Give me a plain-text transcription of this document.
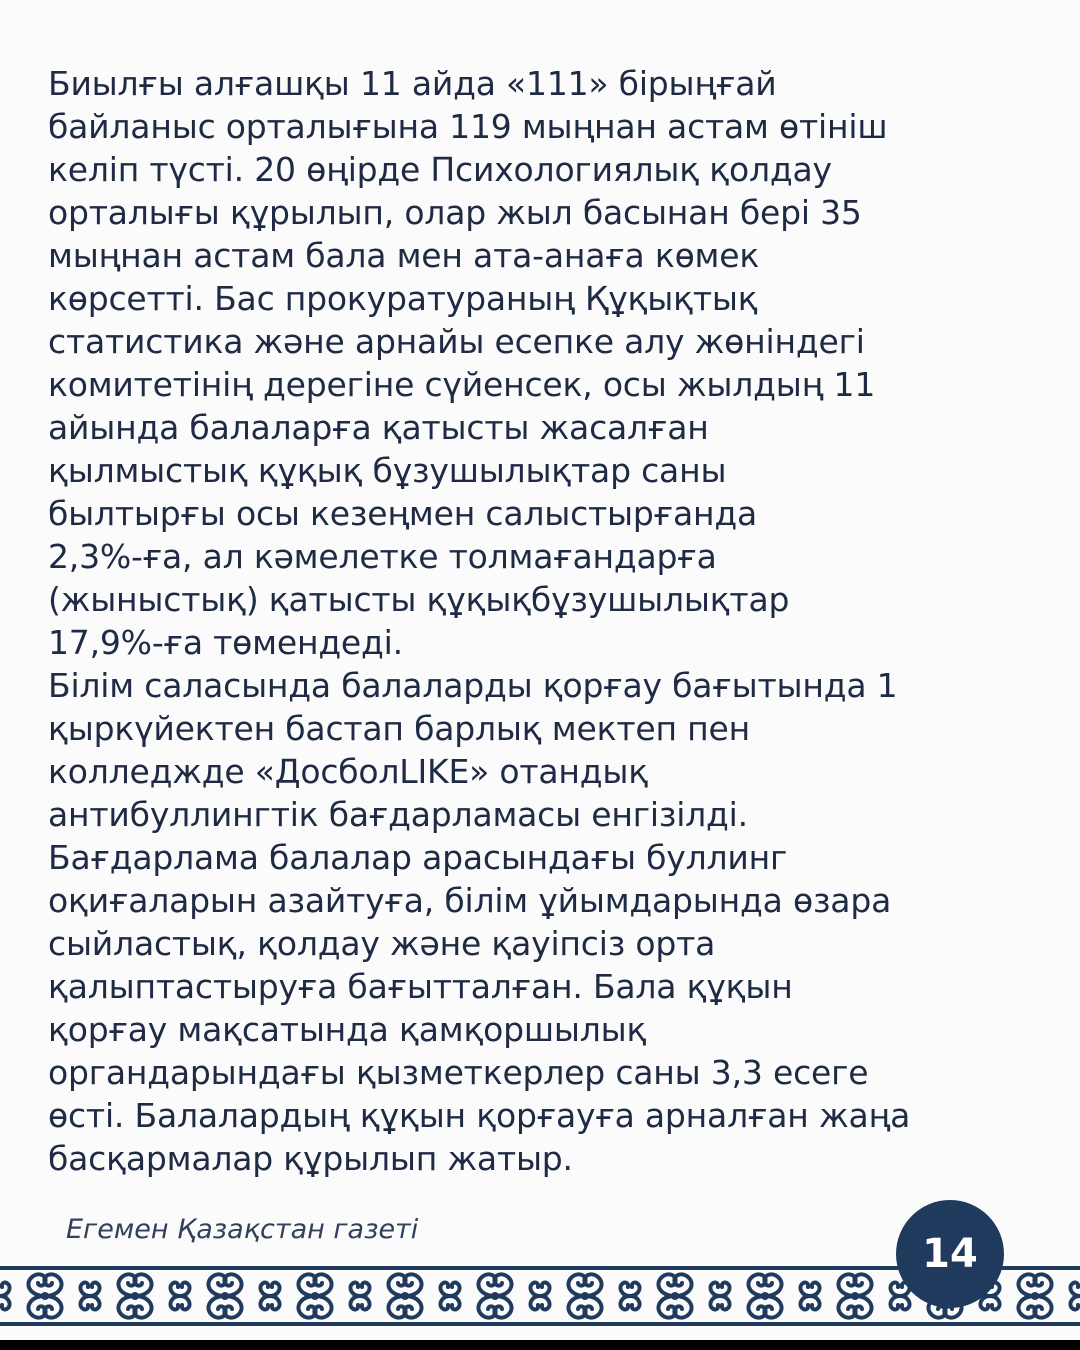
Биылғы алғашқы 11 айда «111» бірыңғай
байланыс орталығына 119 мыңнан астам өтініш
келіп түсті. 20 өңірде Психологиялық қолдау
орталығы құрылып, олар жыл басынан бері 35
мыңнан астам бала мен ата-анаға көмек
көрсетті. Бас прокуратураның Құқықтық
статистика және арнайы есепке алу жөніндегі
комитетінің дерегіне сүйенсек, осы жылдың 11
айында балаларға қатысты жасалған
қылмыстық құқық бұзушылықтар саны
былтырғы осы кезеңмен салыстырғанда
2,3%-ға, ал кәмелетке толмағандарға
(жыныстық) қатысты құқықбұзушылықтар
17,9%-ға төмендеді.

Білім саласында балаларды қорғау бағытында 1
қыркүйектен бастап барлық мектеп пен
колледжде «ДосболLIKE» отандық
антибуллингтік бағдарламасы енгізілді.
Бағдарлама балалар арасындағы буллинг
оқиғаларын азайтуға, білім ұйымдарында өзара
сыйластық, қолдау және қауіпсіз орта
қалыптастыруға бағытталған. Бала құқын
қорғау мақсатында қамқоршылық
органдарындағы қызметкерлер саны 3,3 есеге
өсті. Балалардың құқын қорғауға арналған жаңа
басқармалар құрылып жатыр.

Егемен Қазақстан газеті

14
